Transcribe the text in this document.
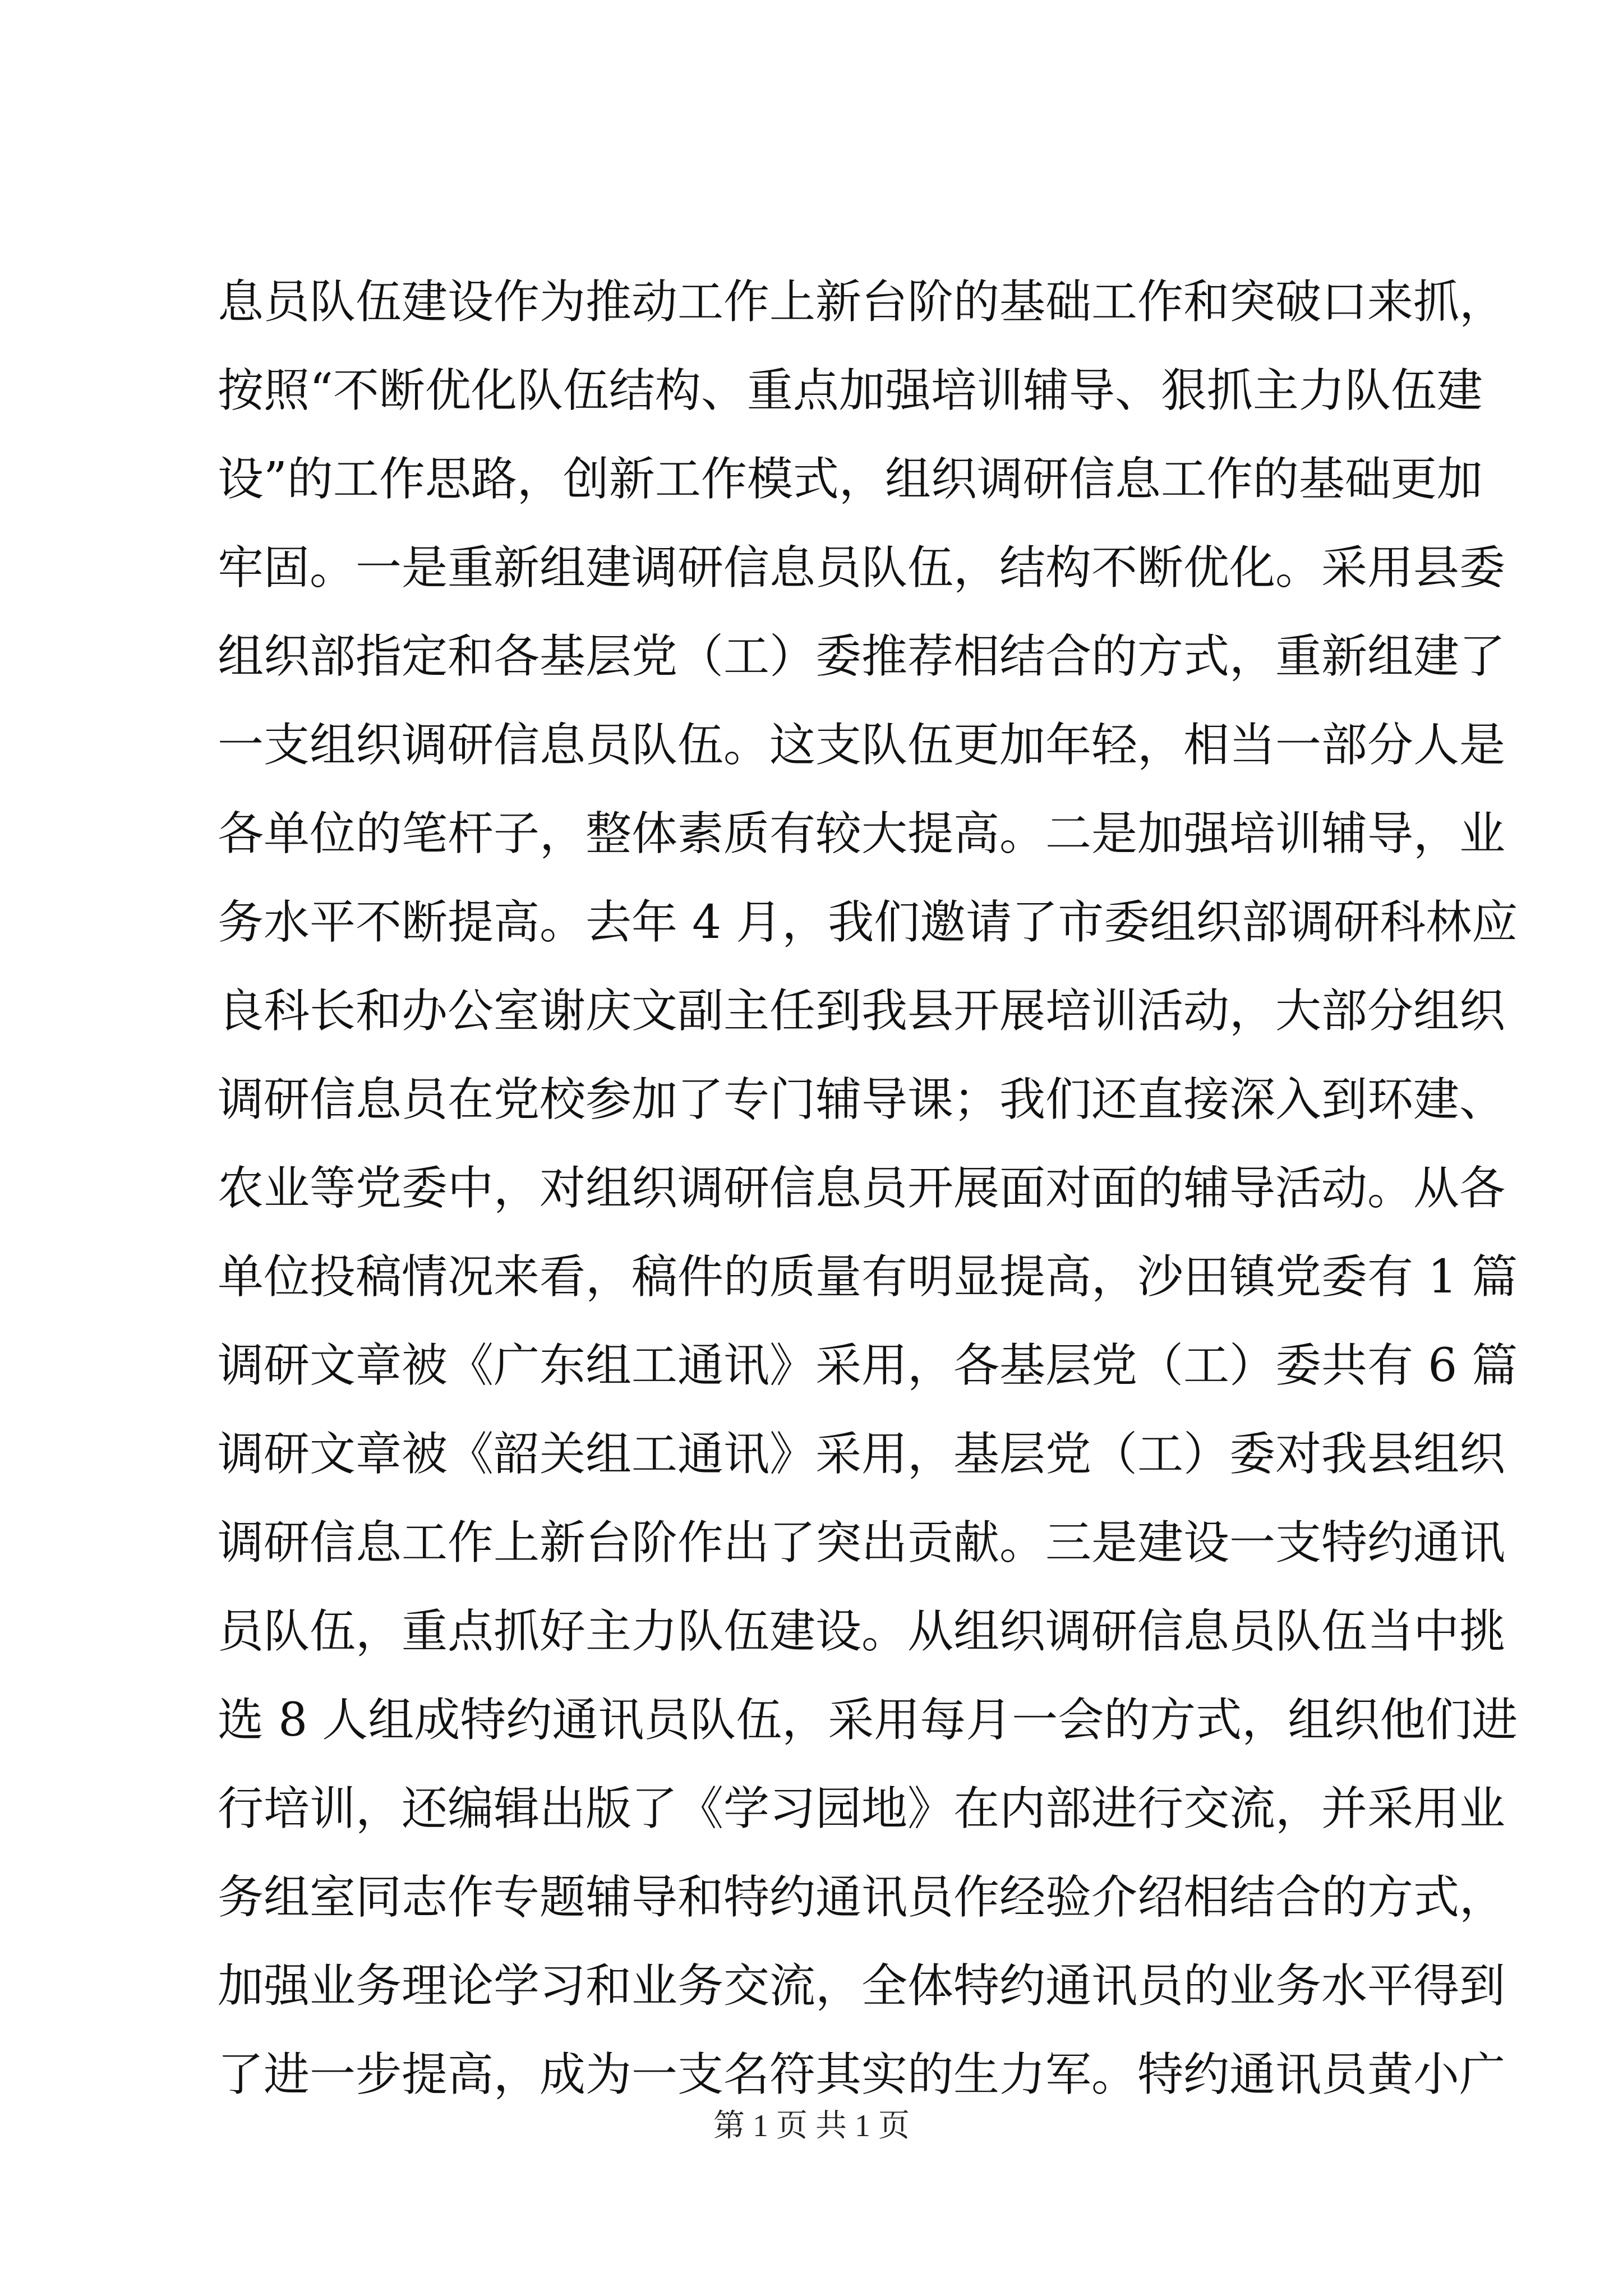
息员队伍建设作为推动工作上新台阶的基础工作和突破口来抓，
按照“不断优化队伍结构、重点加强培训辅导、狠抓主力队伍建
设”的工作思路，创新工作模式，组织调研信息工作的基础更加
牢固。一是重新组建调研信息员队伍，结构不断优化。采用县委
组织部指定和各基层党（工）委推荐相结合的方式，重新组建了
一支组织调研信息员队伍。这支队伍更加年轻，相当一部分人是
各单位的笔杆子，整体素质有较大提高。二是加强培训辅导，业
务水平不断提高。去年 4 月，我们邀请了市委组织部调研科林应
良科长和办公室谢庆文副主任到我县开展培训活动，大部分组织
调研信息员在党校参加了专门辅导课；我们还直接深入到环建、
农业等党委中，对组织调研信息员开展面对面的辅导活动。从各
单位投稿情况来看，稿件的质量有明显提高，沙田镇党委有 1 篇
调研文章被《广东组工通讯》采用，各基层党（工）委共有 6 篇
调研文章被《韶关组工通讯》采用，基层党（工）委对我县组织
调研信息工作上新台阶作出了突出贡献。三是建设一支特约通讯
员队伍，重点抓好主力队伍建设。从组织调研信息员队伍当中挑
选 8 人组成特约通讯员队伍，采用每月一会的方式，组织他们进
行培训，还编辑出版了《学习园地》在内部进行交流，并采用业
务组室同志作专题辅导和特约通讯员作经验介绍相结合的方式，
加强业务理论学习和业务交流，全体特约通讯员的业务水平得到
了进一步提高，成为一支名符其实的生力军。特约通讯员黄小广
第 1 页 共 1 页
